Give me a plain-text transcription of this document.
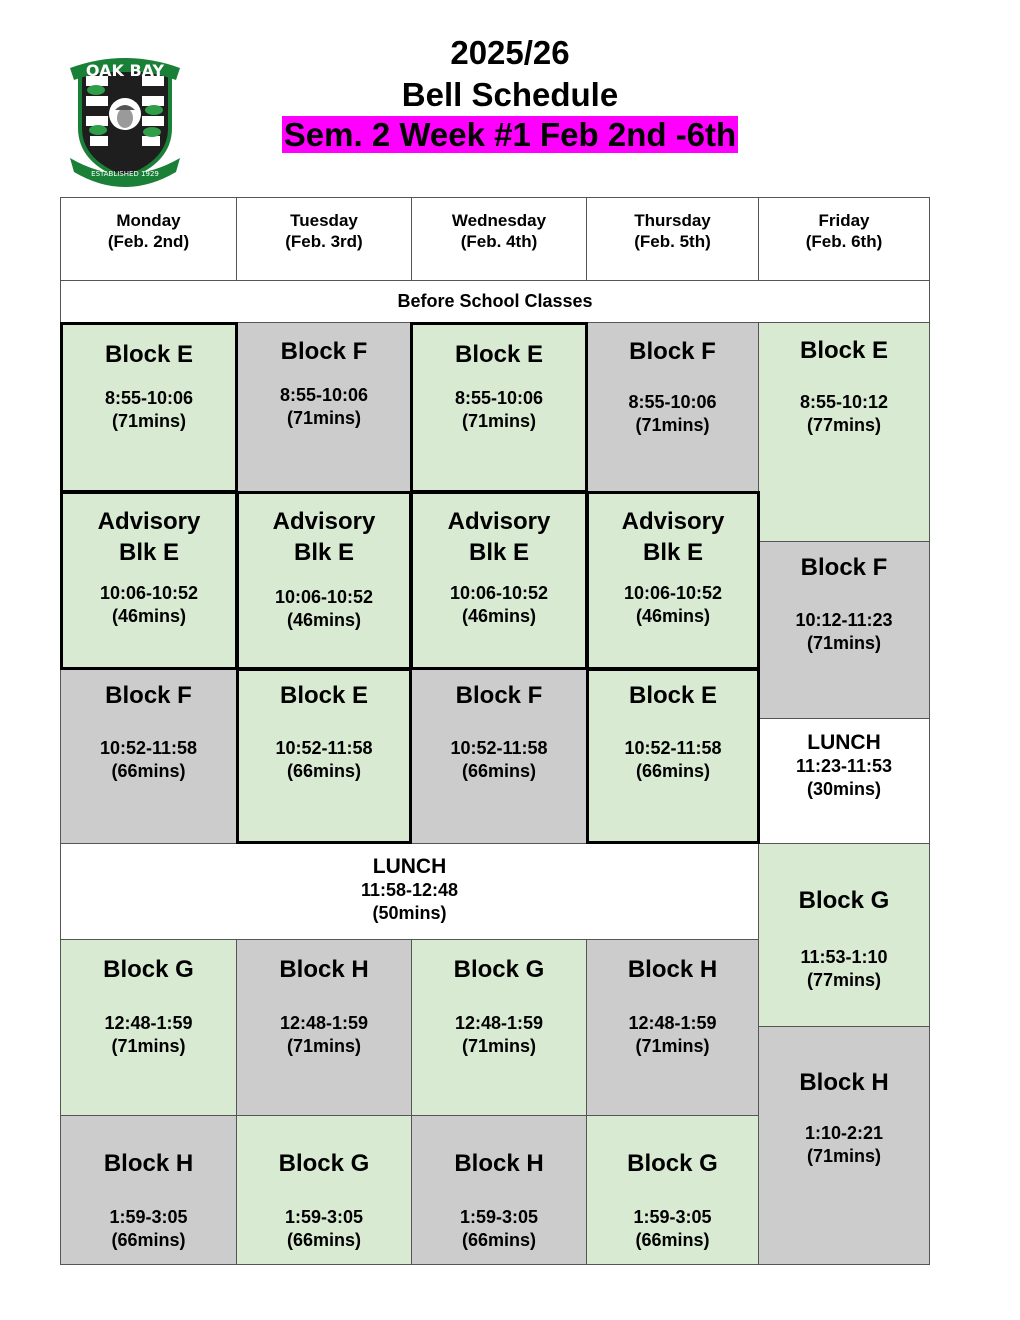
OAK BAY
ESTABLISHED 1929
2025/26
Bell Schedule
Sem. 2 Week #1 Feb 2nd -6th
Monday
(Feb. 2nd)
Tuesday
(Feb. 3rd)
Wednesday
(Feb. 4th)
Thursday
(Feb. 5th)
Friday
(Feb. 6th)
Before School Classes
Block E
8:55-10:06
(71mins)
Block F
8:55-10:06
(71mins)
Block E
8:55-10:06
(71mins)
Block F
8:55-10:06
(71mins)
Advisory
Blk E
10:06-10:52
(46mins)
Advisory
Blk E
10:06-10:52
(46mins)
Advisory
Blk E
10:06-10:52
(46mins)
Advisory
Blk E
10:06-10:52
(46mins)
Block F
10:52-11:58
(66mins)
Block E
10:52-11:58
(66mins)
Block F
10:52-11:58
(66mins)
Block E
10:52-11:58
(66mins)
LUNCH
11:58-12:48
(50mins)
Block G
12:48-1:59
(71mins)
Block H
12:48-1:59
(71mins)
Block G
12:48-1:59
(71mins)
Block H
12:48-1:59
(71mins)
Block H
1:59-3:05
(66mins)
Block G
1:59-3:05
(66mins)
Block H
1:59-3:05
(66mins)
Block G
1:59-3:05
(66mins)
Block E
8:55-10:12
(77mins)
Block F
10:12-11:23
(71mins)
LUNCH
11:23-11:53
(30mins)
Block G
11:53-1:10
(77mins)
Block H
1:10-2:21
(71mins)
